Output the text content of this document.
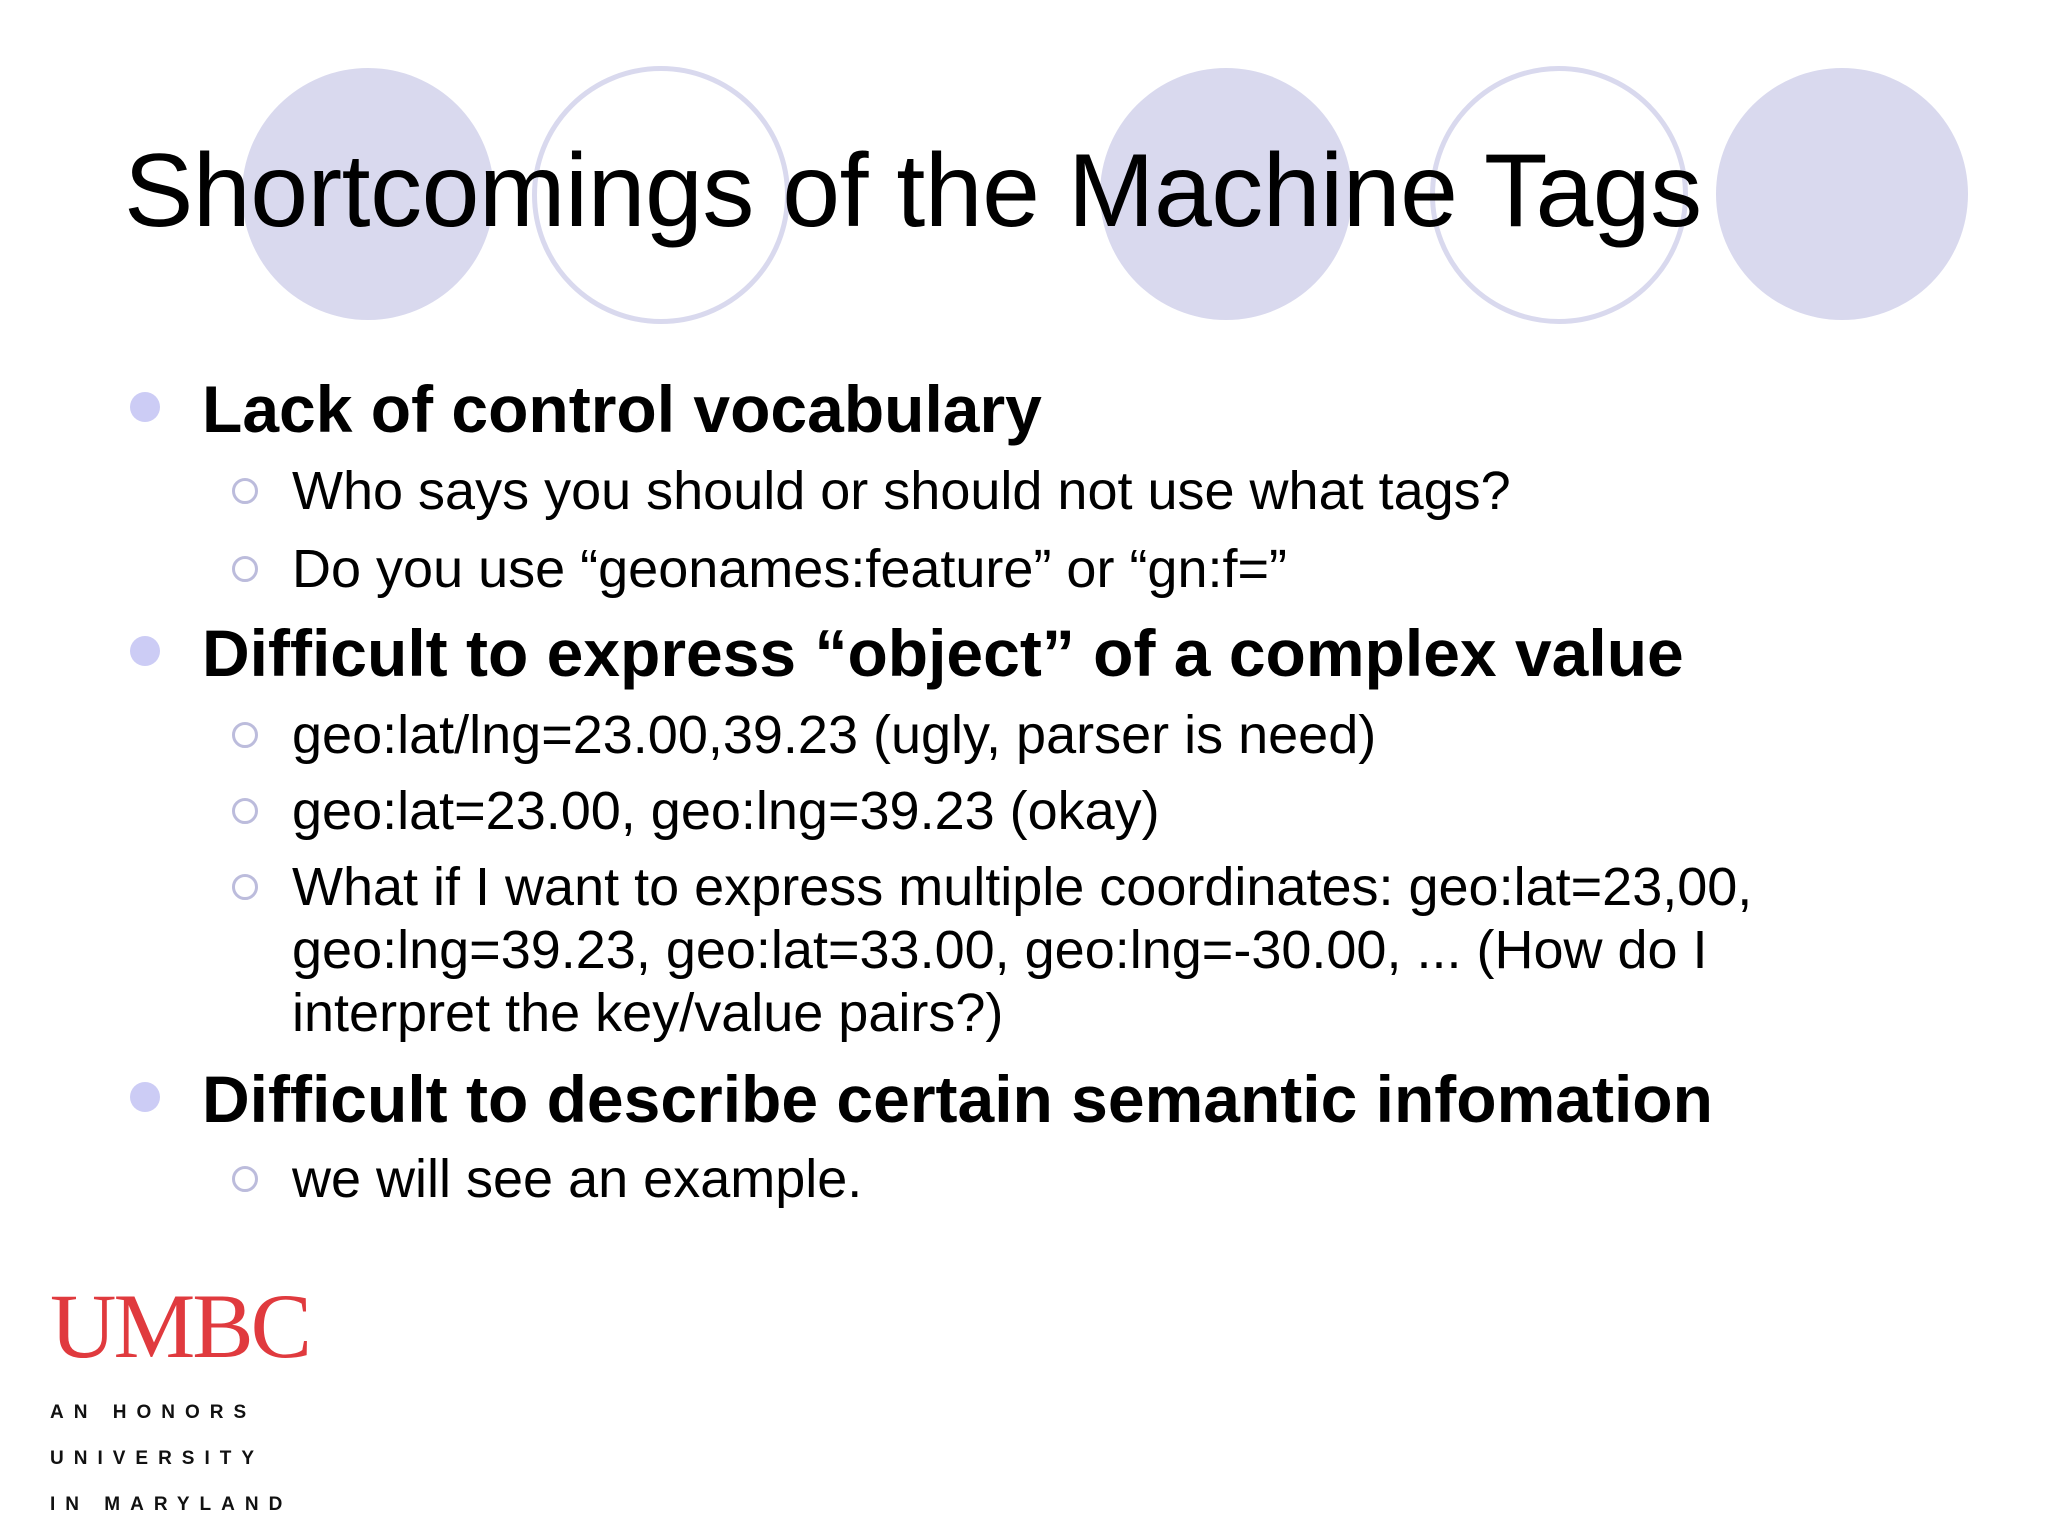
Shortcomings of the Machine Tags
Lack of control vocabulary
Who says you should or should not use what tags?
Do you use “geonames:feature” or “gn:f=”
Difficult to express “object” of a complex value
geo:lat/lng=23.00,39.23 (ugly, parser is need)
geo:lat=23.00, geo:lng=39.23 (okay)
What if I want to express multiple coordinates: geo:lat=23,00,
geo:lng=39.23, geo:lat=33.00, geo:lng=-30.00, ... (How do I
interpret the key/value pairs?)
Difficult to describe certain semantic infomation
we will see an example.
UMBC
AN HONORS
UNIVERSITY
IN MARYLAND
